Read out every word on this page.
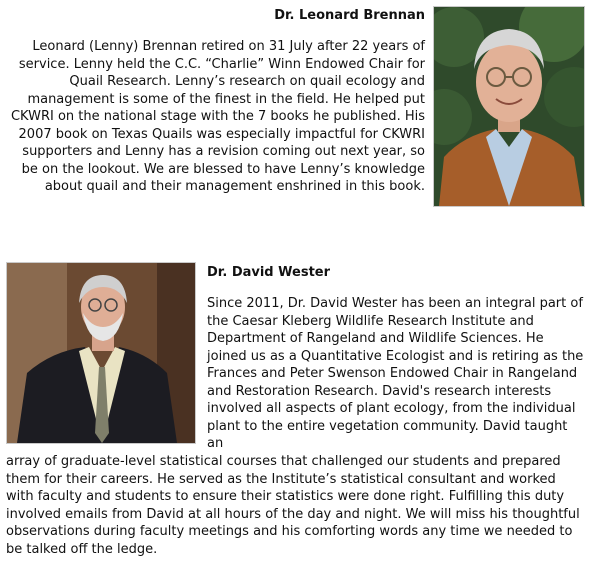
Dr. Leonard Brennan

Leonard (Lenny) Brennan retired on 31 July after 22 years of service. Lenny held the C.C. “Charlie” Winn Endowed Chair for Quail Research. Lenny’s research on quail ecology and management is some of the finest in the field. He helped put CKWRI on the national stage with the 7 books he published. His 2007 book on Texas Quails was especially impactful for CKWRI supporters and Lenny has a revision coming out next year, so be on the lookout. We are blessed to have Lenny’s knowledge about quail and their management enshrined in this book.

Dr. David Wester

Since 2011, Dr. David Wester has been an integral part of the Caesar Kleberg Wildlife Research Institute and Department of Rangeland and Wildlife Sciences. He joined us as a Quantitative Ecologist and is retiring as the Frances and Peter Swenson Endowed Chair in Rangeland and Restoration Research. David's research interests involved all aspects of plant ecology, from the individual plant to the entire vegetation community. David taught an

array of graduate-level statistical courses that challenged our students and prepared them for their careers. He served as the Institute’s statistical consultant and worked with faculty and students to ensure their statistics were done right. Fulfilling this duty involved emails from David at all hours of the day and night. We will miss his thoughtful observations during faculty meetings and his comforting words any time we needed to be talked off the ledge.
